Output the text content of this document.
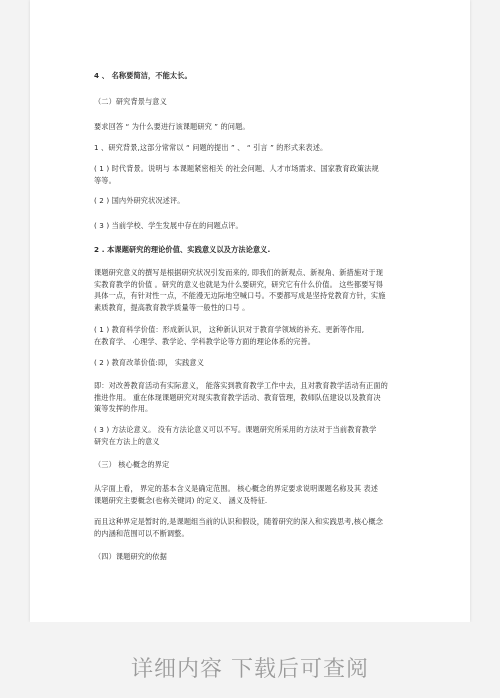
4 、 名称要简洁，不能太长。
（二）研究背景与意义
要求回答 “ 为什么要进行该课题研究 ” 的问题。
1 、研究背景,这部分常常以 “ 问题的提出 ” 、 “ 引言 ” 的形式来表述。
( 1 ) 时代背景。说明与 本课题紧密相关 的社会问题、人才市场需求、国家教育政策法规
等等。
( 2 ) 国内外研究状况述评。
( 3 ) 当前学校、学生发展中存在的问题点评。
2 . 本课题研究的理论价值、实践意义以及方法论意义.
课题研究意义的撰写是根据研究状况引发而来的, 即我们的新观点、新视角、新措施对于现
实教育教学的价值 。研究的意义也就是为什么要研究，研究它有什么价值。 这些都要写得
具体一点，有针对性一点，不能漫无边际地空喊口号。不要都写成是坚持党教育方针，实施
素质教育，提高教育教学质量等一般性的口号 。
( 1 ) 教育科学价值：形成新认识， 这种新认识对于教育学领域的补充、更新等作用,
在教育学、 心理学、教学论、学科教学论等方面的理论体系的完善。
( 2 ) 教育改革价值:即， 实践意义
即：对改善教育活动有实际意义， 能落实到教育教学工作中去，且对教育教学活动有正面的
推进作用。 重在体现课题研究对现实教育教学活动、教育管理，教师队伍建设以及教育决
策等发挥的作用。
( 3 ) 方法论意义。 没有方法论意义可以不写。课题研究所采用的方法对于当前教育教学
研究在方法上的意义
（三） 核心概念的界定
从字面上看， 界定的基本含义是确定范围。 核心概念的界定要求说明课题名称及其 表述
课题研究主要概念(也称关键词) 的定义、 涵义及特征.
而且这种界定是暂时的,是课题组当前的认识和假设，随着研究的深入和实践思考,核心概念
的内涵和范围可以不断调整。
（四）课题研究的依据
详细内容 下载后可查阅
